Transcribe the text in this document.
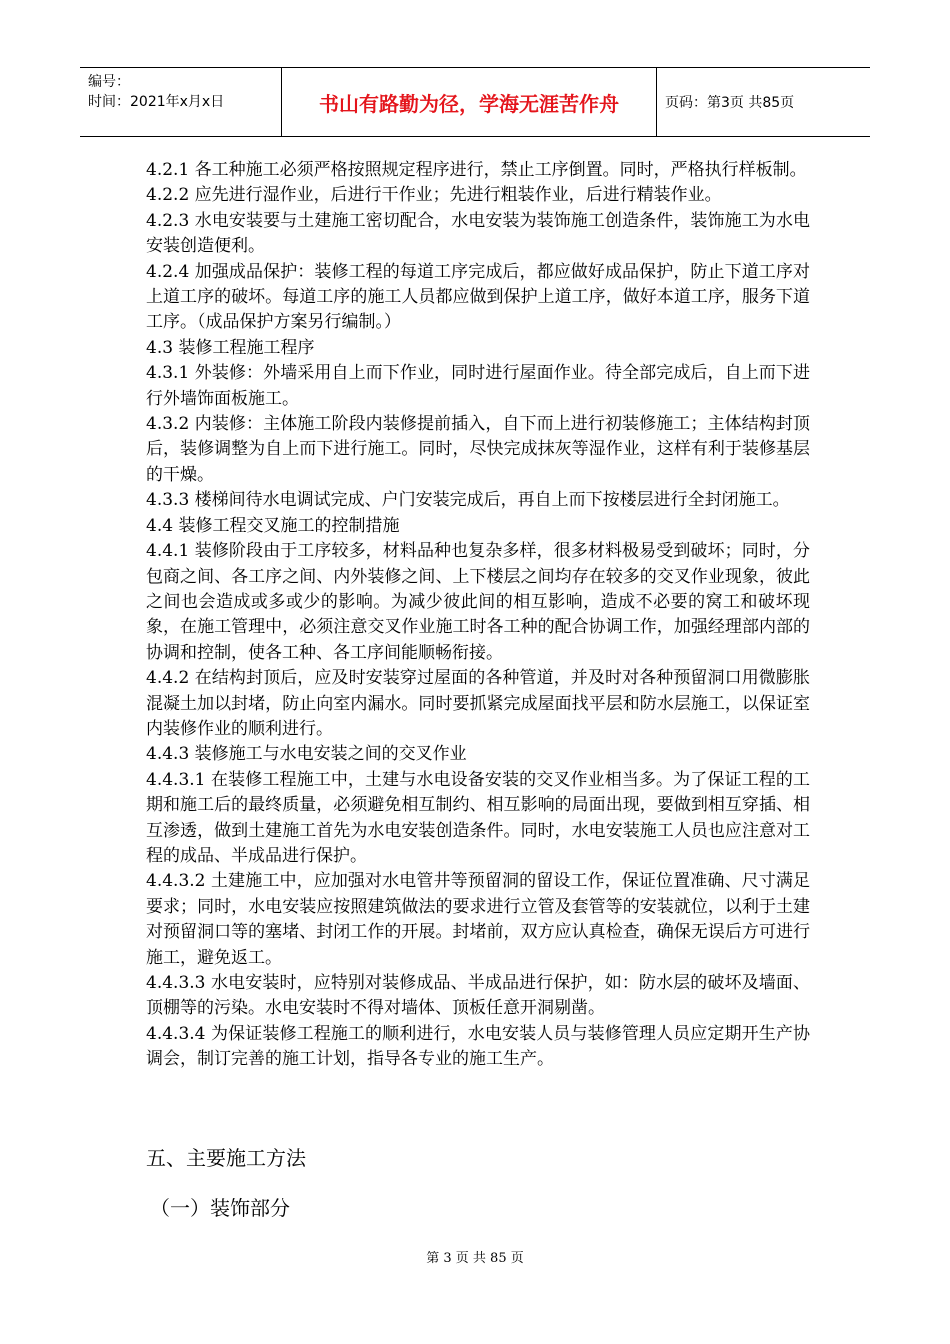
编号：
时间：2021年x月x日	书山有路勤为径，学海无涯苦作舟	页码：第3页 共85页

4.2.1 各工种施工必须严格按照规定程序进行，禁止工序倒置。同时，严格执行样板制。

4.2.2 应先进行湿作业，后进行干作业；先进行粗装作业，后进行精装作业。

4.2.3 水电安装要与土建施工密切配合，水电安装为装饰施工创造条件，装饰施工为水电安装创造便利。

4.2.4 加强成品保护：装修工程的每道工序完成后，都应做好成品保护，防止下道工序对上道工序的破坏。每道工序的施工人员都应做到保护上道工序，做好本道工序，服务下道工序。（成品保护方案另行编制。）

4.3 装修工程施工程序

4.3.1 外装修：外墙采用自上而下作业，同时进行屋面作业。待全部完成后，自上而下进行外墙饰面板施工。

4.3.2 内装修：主体施工阶段内装修提前插入，自下而上进行初装修施工；主体结构封顶后，装修调整为自上而下进行施工。同时，尽快完成抹灰等湿作业，这样有利于装修基层的干燥。

4.3.3 楼梯间待水电调试完成、户门安装完成后，再自上而下按楼层进行全封闭施工。

4.4 装修工程交叉施工的控制措施

4.4.1 装修阶段由于工序较多，材料品种也复杂多样，很多材料极易受到破坏；同时，分包商之间、各工序之间、内外装修之间、上下楼层之间均存在较多的交叉作业现象，彼此之间也会造成或多或少的影响。为减少彼此间的相互影响，造成不必要的窝工和破坏现象，在施工管理中，必须注意交叉作业施工时各工种的配合协调工作，加强经理部内部的协调和控制，使各工种、各工序间能顺畅衔接。

4.4.2 在结构封顶后，应及时安装穿过屋面的各种管道，并及时对各种预留洞口用微膨胀混凝土加以封堵，防止向室内漏水。同时要抓紧完成屋面找平层和防水层施工，以保证室内装修作业的顺利进行。

4.4.3 装修施工与水电安装之间的交叉作业

4.4.3.1 在装修工程施工中，土建与水电设备安装的交叉作业相当多。为了保证工程的工期和施工后的最终质量，必须避免相互制约、相互影响的局面出现，要做到相互穿插、相互渗透，做到土建施工首先为水电安装创造条件。同时，水电安装施工人员也应注意对工程的成品、半成品进行保护。

4.4.3.2 土建施工中，应加强对水电管井等预留洞的留设工作，保证位置准确、尺寸满足要求；同时，水电安装应按照建筑做法的要求进行立管及套管等的安装就位，以利于土建对预留洞口等的塞堵、封闭工作的开展。封堵前，双方应认真检查，确保无误后方可进行施工，避免返工。

4.4.3.3 水电安装时，应特别对装修成品、半成品进行保护，如：防水层的破坏及墙面、顶棚等的污染。水电安装时不得对墙体、顶板任意开洞剔凿。

4.4.3.4 为保证装修工程施工的顺利进行，水电安装人员与装修管理人员应定期开生产协调会，制订完善的施工计划，指导各专业的施工生产。

五、主要施工方法
（一）装饰部分
第 3 页 共 85 页
